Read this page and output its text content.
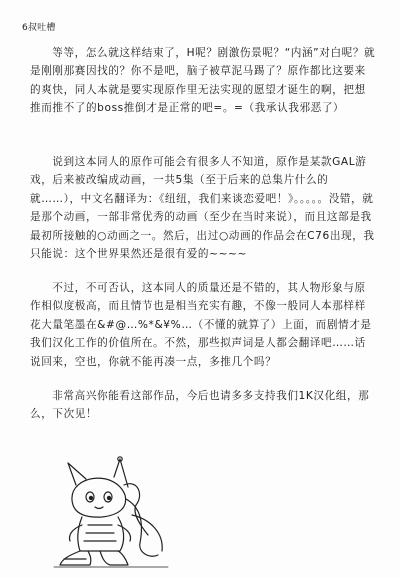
6叔吐槽
等等，怎么就这样结束了，H呢？剧激伤景呢？“内涵”对白呢？就是刚刚那赛因找的？你不是吧，脑子被草泥马踢了？原作都比这要来的爽快，同人本就是要实现原作里无法实现的愿望才诞生的啊，把想推而推不了的boss推倒才是正常的吧=。=（我承认我邪恶了）
说到这本同人的原作可能会有很多人不知道，原作是某款GAL游戏，后来被改编成动画，一共5集（至于后来的总集片什么的就……），中文名翻译为：《纽纽，我们来谈恋爱吧！》。。。。。没错，就是那个动画，一部非常优秀的动画（至少在当时来说），而且这部是我最初所接触的○动画之一。然后，出过○动画的作品会在C76出现，我只能说：这个世界果然还是很有爱的~~~~
不过，不可否认，这本同人的质量还是不错的，其人物形象与原作相似度极高，而且情节也是相当充实有趣，不像一般同人本那样样花大量笔墨在&#@…%*&¥%…（不懂的就算了）上面，而剧情才是我们汉化工作的价值所在。不然，那些拟声词是人都会翻译吧……话说回来，空也，你就不能再凑一点，多推几个吗？
非常高兴你能看这部作品，今后也请多多支持我们1K汉化组，那么，下次见！
